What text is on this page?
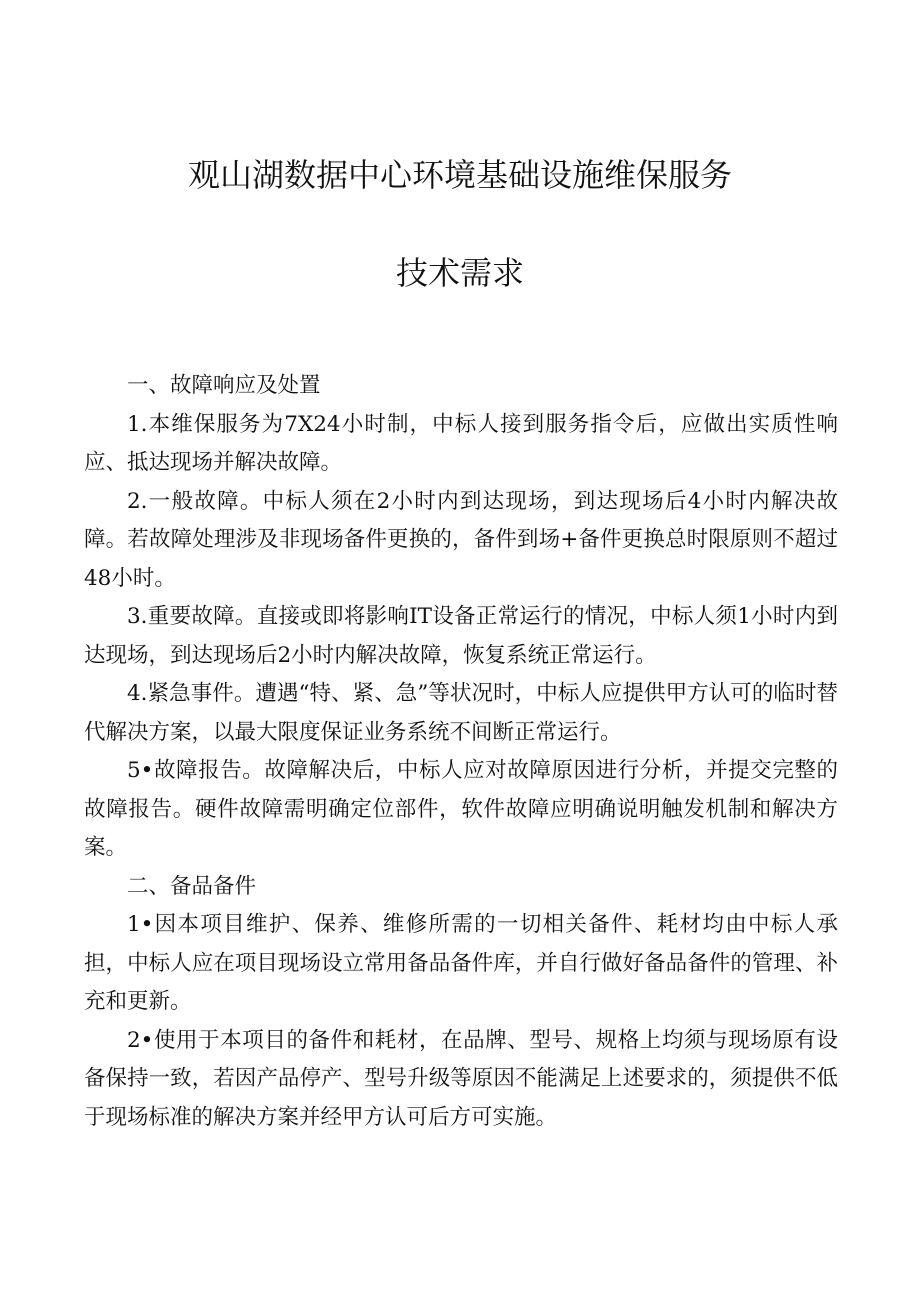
观山湖数据中心环境基础设施维保服务
技术需求

一、故障响应及处置

1.本维保服务为7X24小时制，中标人接到服务指令后，应做出实质性响应、抵达现场并解决故障。

2.一般故障。中标人须在2小时内到达现场，到达现场后4小时内解决故障。若故障处理涉及非现场备件更换的，备件到场+备件更换总时限原则不超过48小时。

3.重要故障。直接或即将影响IT设备正常运行的情况，中标人须1小时内到达现场，到达现场后2小时内解决故障，恢复系统正常运行。

4.紧急事件。遭遇“特、紧、急”等状况时，中标人应提供甲方认可的临时替代解决方案，以最大限度保证业务系统不间断正常运行。

5•故障报告。故障解决后，中标人应对故障原因进行分析，并提交完整的故障报告。硬件故障需明确定位部件，软件故障应明确说明触发机制和解决方案。

二、备品备件

1•因本项目维护、保养、维修所需的一切相关备件、耗材均由中标人承担，中标人应在项目现场设立常用备品备件库，并自行做好备品备件的管理、补充和更新。

2•使用于本项目的备件和耗材，在品牌、型号、规格上均须与现场原有设备保持一致，若因产品停产、型号升级等原因不能满足上述要求的，须提供不低于现场标准的解决方案并经甲方认可后方可实施。
